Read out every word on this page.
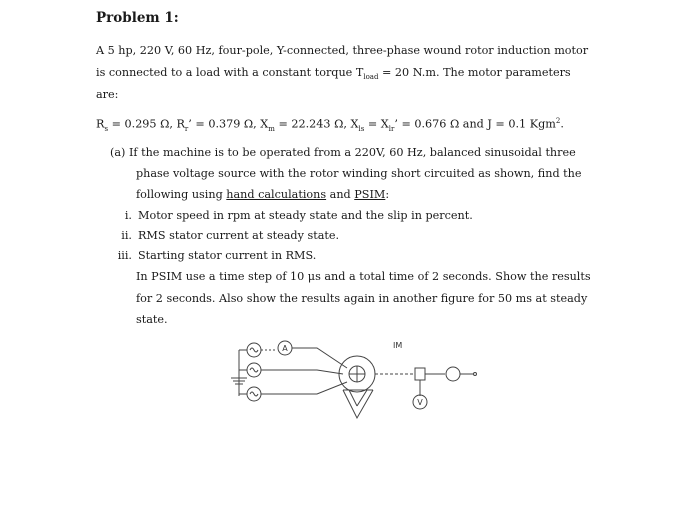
Problem 1:
A 5 hp, 220 V, 60 Hz, four-pole, Y-connected, three-phase wound rotor induction motor
is connected to a load with a constant torque $T_{load} = 20$ N.m. The motor parameters
are:
$R_s = 0.295$ Ω, $R_r$’ = 0.379 Ω, $X_m = 22.243$ Ω, $X_{ls} = X_{lr}$’ = 0.676 Ω and J = 0.1 Kgm$^2$.
(a) If the machine is to be operated from a 220V, 60 Hz, balanced sinusoidal three
phase voltage source with the rotor winding short circuited as shown, find the
following using hand calculations and PSIM:
i. Motor speed in rpm at steady state and the slip in percent.
ii. RMS stator current at steady state.
iii. Starting stator current in RMS.
In PSIM use a time step of 10 μs and a total time of 2 seconds. Show the results
for 2 seconds. Also show the results again in another figure for 50 ms at steady
state.
A	IM
V
